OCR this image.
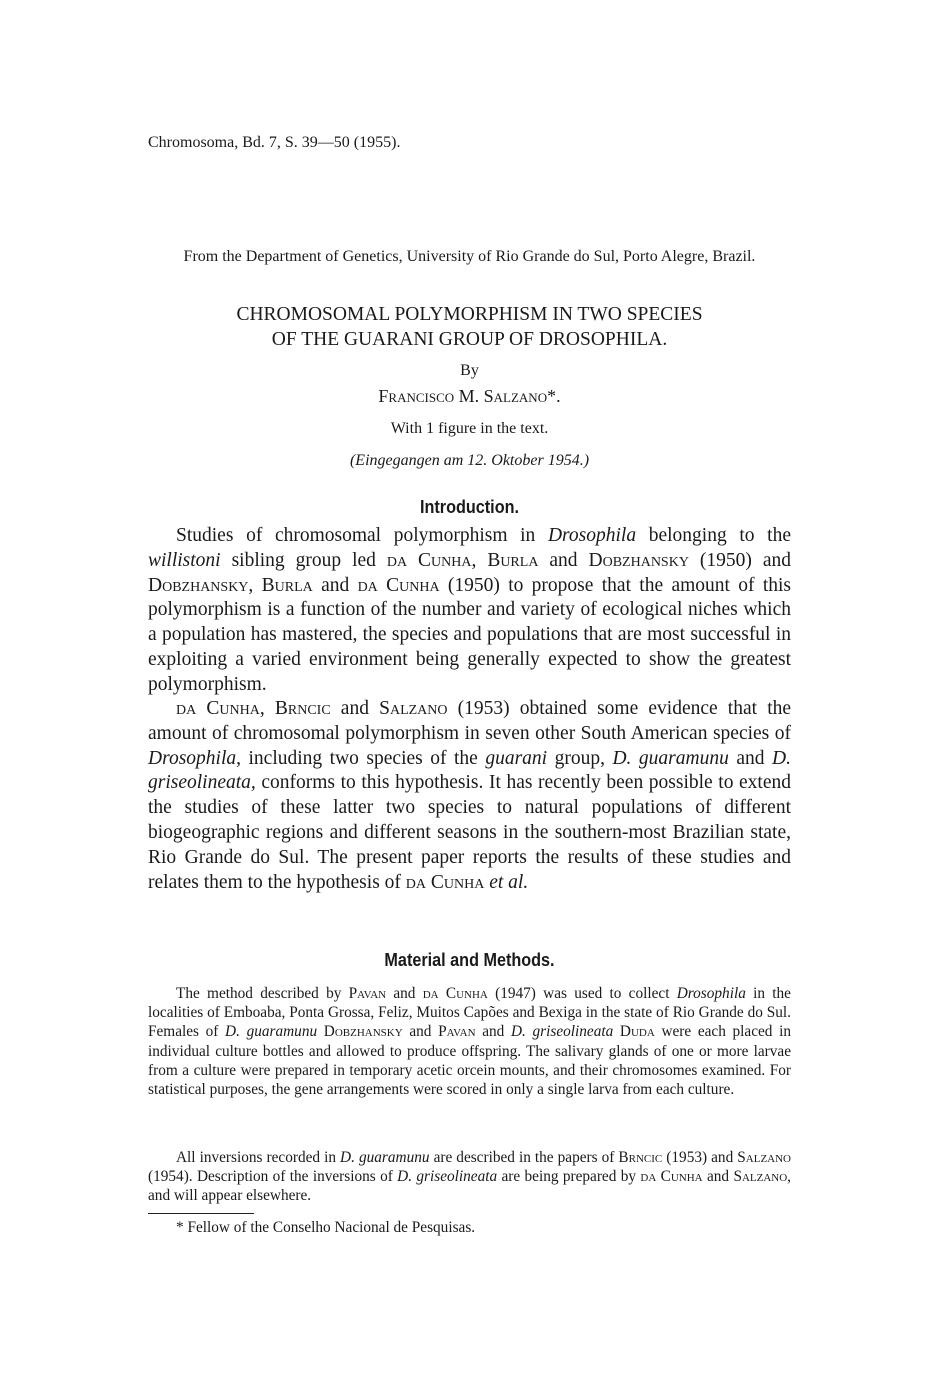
Chromosoma, Bd. 7, S. 39—50 (1955).
From the Department of Genetics, University of Rio Grande do Sul, Porto Alegre, Brazil.
CHROMOSOMAL POLYMORPHISM IN TWO SPECIES
OF THE GUARANI GROUP OF DROSOPHILA.
By
Francisco M. Salzano*.
With 1 figure in the text.
(Eingegangen am 12. Oktober 1954.)
Introduction.
Studies of chromosomal polymorphism in Drosophila belonging to the willistoni sibling group led da Cunha, Burla and Dobzhansky (1950) and Dobzhansky, Burla and da Cunha (1950) to propose that the amount of this polymorphism is a function of the number and variety of ecological niches which a population has mastered, the species and populations that are most successful in exploiting a varied environment being generally expected to show the greatest polymorphism.
da Cunha, Brncic and Salzano (1953) obtained some evidence that the amount of chromosomal polymorphism in seven other South American species of Drosophila, including two species of the guarani group, D. guaramunu and D. griseolineata, conforms to this hypothesis. It has recently been possible to extend the studies of these latter two species to natural populations of different biogeographic regions and different seasons in the southern-most Brazilian state, Rio Grande do Sul. The present paper reports the results of these studies and relates them to the hypothesis of da Cunha et al.
Material and Methods.
The method described by Pavan and da Cunha (1947) was used to collect Drosophila in the localities of Emboaba, Ponta Grossa, Feliz, Muitos Capões and Bexiga in the state of Rio Grande do Sul. Females of D. guaramunu Dobzhansky and Pavan and D. griseolineata Duda were each placed in individual culture bottles and allowed to produce offspring. The salivary glands of one or more larvae from a culture were prepared in temporary acetic orcein mounts, and their chromosomes examined. For statistical purposes, the gene arrangements were scored in only a single larva from each culture.
All inversions recorded in D. guaramunu are described in the papers of Brncic (1953) and Salzano (1954). Description of the inversions of D. griseolineata are being prepared by da Cunha and Salzano, and will appear elsewhere.
* Fellow of the Conselho Nacional de Pesquisas.
